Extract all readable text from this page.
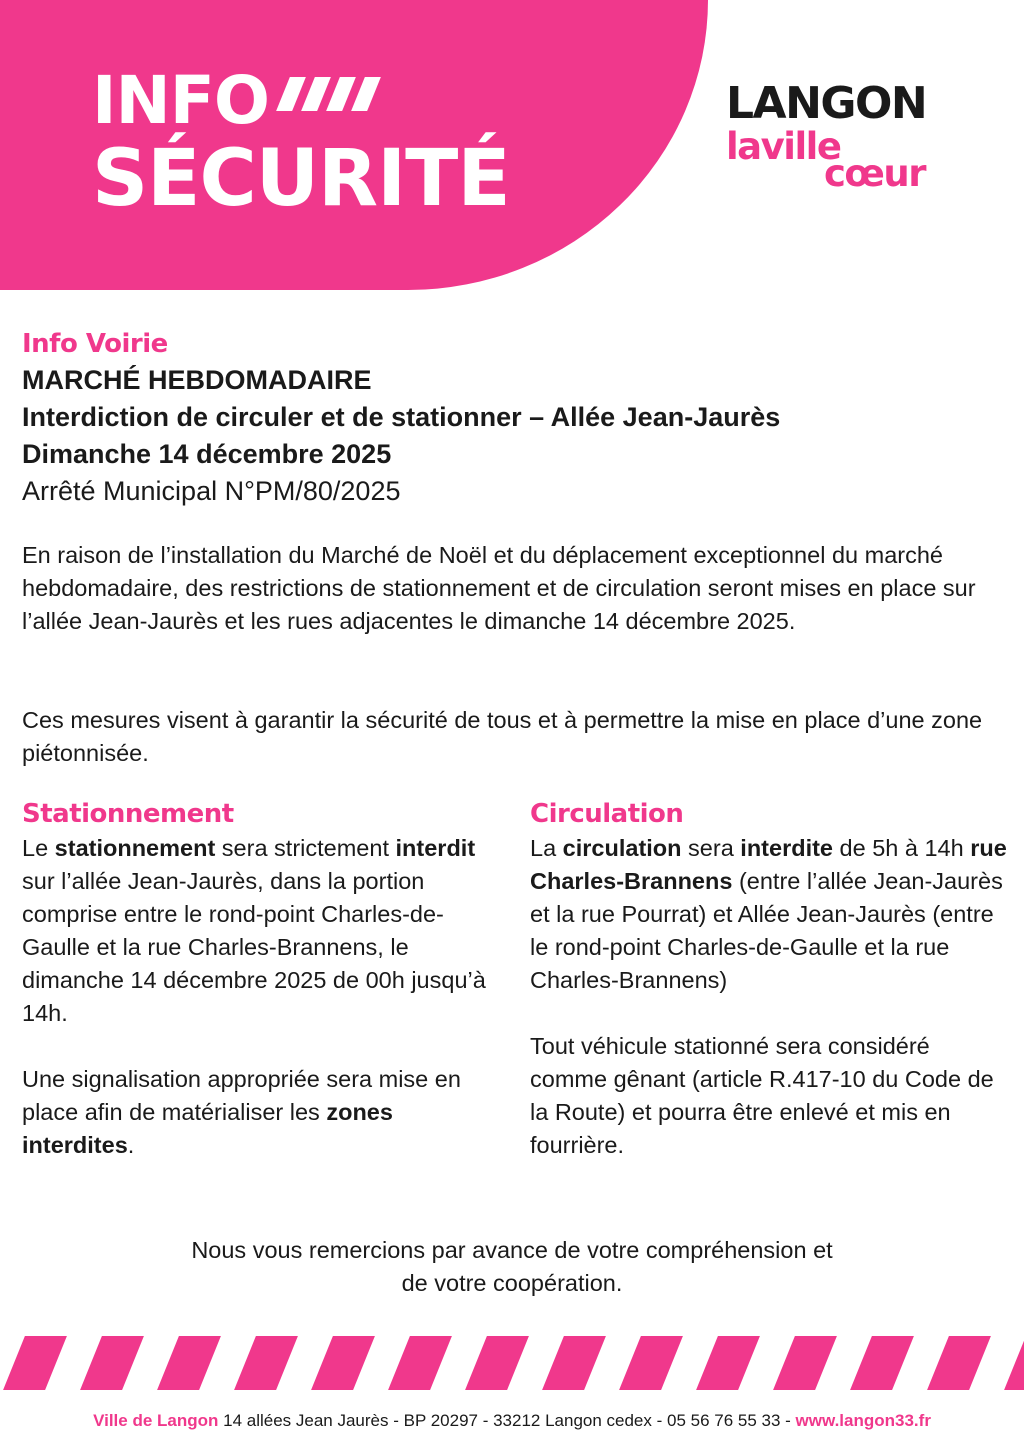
INFO
SÉCURITÉ
LANGON
laville
cœur
Info Voirie
MARCHÉ HEBDOMADAIRE
Interdiction de circuler et de stationner – Allée Jean-Jaurès
Dimanche 14 décembre 2025
Arrêté Municipal N°PM/80/2025
En raison de l’installation du Marché de Noël et du déplacement exceptionnel du marché hebdomadaire, des restrictions de stationnement et de circulation seront mises en place sur l’allée Jean-Jaurès et les rues adjacentes le dimanche 14 décembre 2025.
Ces mesures visent à garantir la sécurité de tous et à permettre la mise en place d’une zone piétonnisée.
Stationnement

Le stationnement sera strictement interdit sur l’allée Jean-Jaurès, dans la portion comprise entre le rond-point Charles-de-Gaulle et la rue Charles-Brannens, le dimanche 14 décembre 2025 de 00h jusqu’à 14h.

Une signalisation appropriée sera mise en place afin de matérialiser les zones interdites.

Circulation

La circulation sera interdite de 5h à 14h rue Charles-Brannens (entre l’allée Jean-Jaurès et la rue Pourrat) et Allée Jean-Jaurès (entre le rond-point Charles-de-Gaulle et la rue Charles-Brannens)

Tout véhicule stationné sera considéré comme gênant (article R.417-10 du Code de la Route) et pourra être enlevé et mis en fourrière.

Nous vous remercions par avance de votre compréhension et
de votre coopération.
Ville de Langon 14 allées Jean Jaurès - BP 20297 - 33212 Langon cedex - 05 56 76 55 33 - www.langon33.fr
